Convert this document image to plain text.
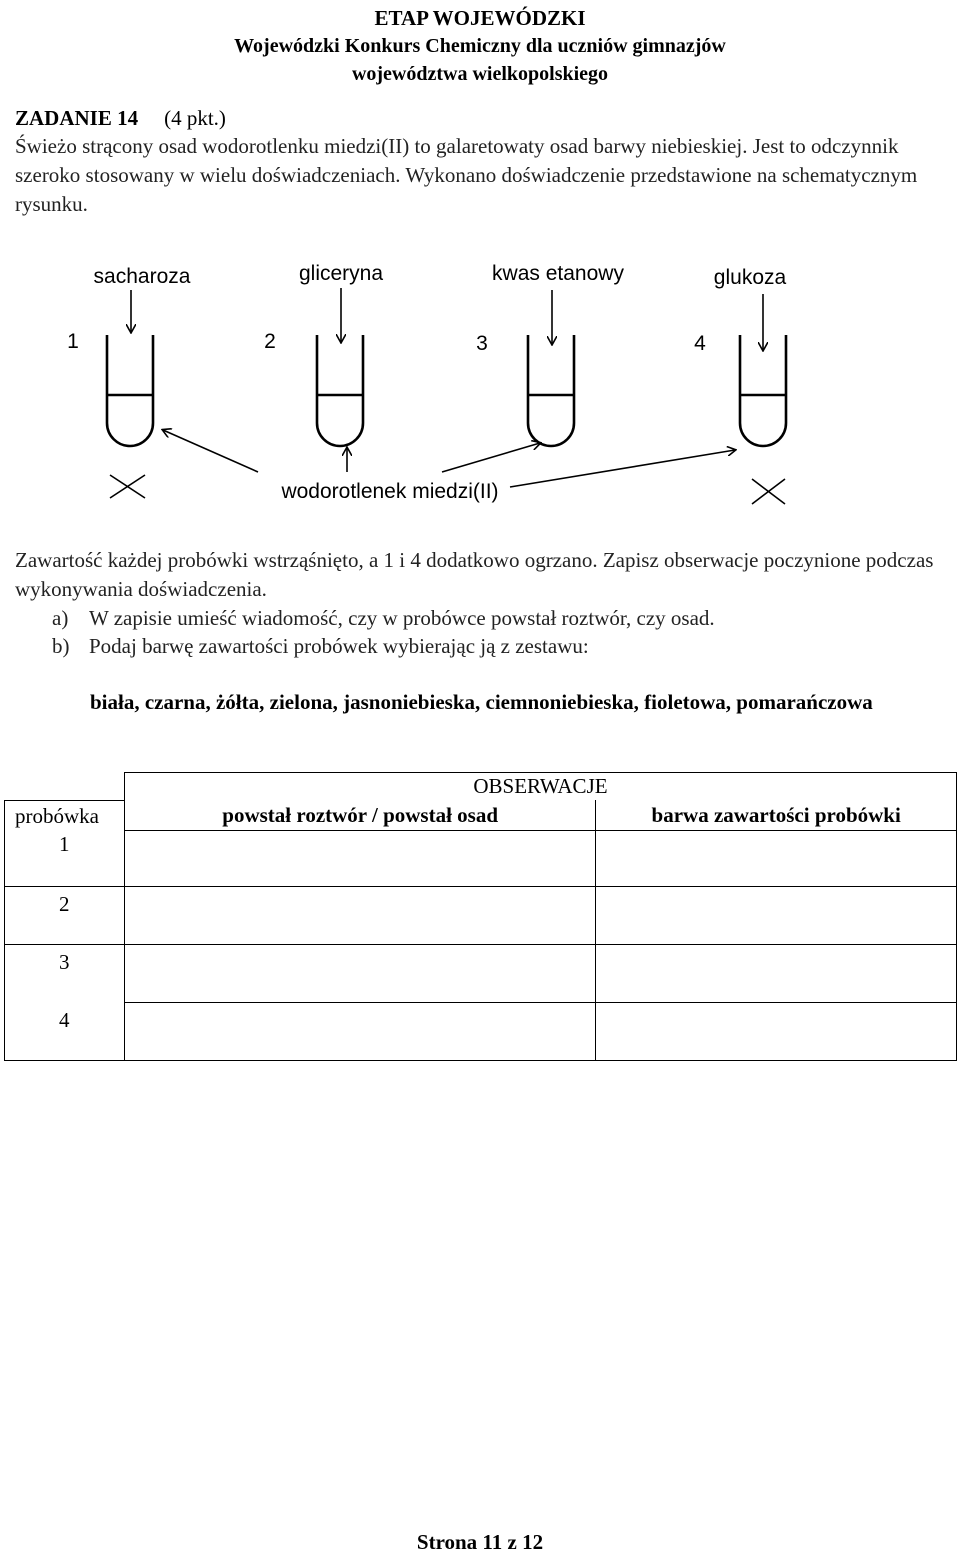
ETAP WOJEWÓDZKI
Wojewódzki Konkurs Chemiczny dla uczniów gimnazjów
województwa wielkopolskiego
ZADANIE 14 (4 pkt.)
Świeżo strącony osad wodorotlenku miedzi(II) to galaretowaty osad barwy niebieskiej. Jest to odczynnik szeroko stosowany w wielu doświadczeniach. Wykonano doświadczenie przedstawione na schematycznym rysunku.
sacharoza	gliceryna	kwas etanowy	glukoza
1	2	3	4
wodorotlenek miedzi(II)
Zawartość każdej probówki wstrząśnięto, a 1 i 4 dodatkowo ogrzano. Zapisz obserwacje poczynione podczas wykonywania doświadczenia.
a) W zapisie umieść wiadomość, czy w probówce powstał roztwór, czy osad.
b) Podaj barwę zawartości probówek wybierając ją z zestawu:
biała, czarna, żółta, zielona, jasnoniebieska, ciemnoniebieska, fioletowa, pomarańczowa
	OBSERWACJE	
probówka	powstał roztwór / powstał osad	barwa zawartości probówki
1		
2		
3		
4		
Strona 11 z 12
